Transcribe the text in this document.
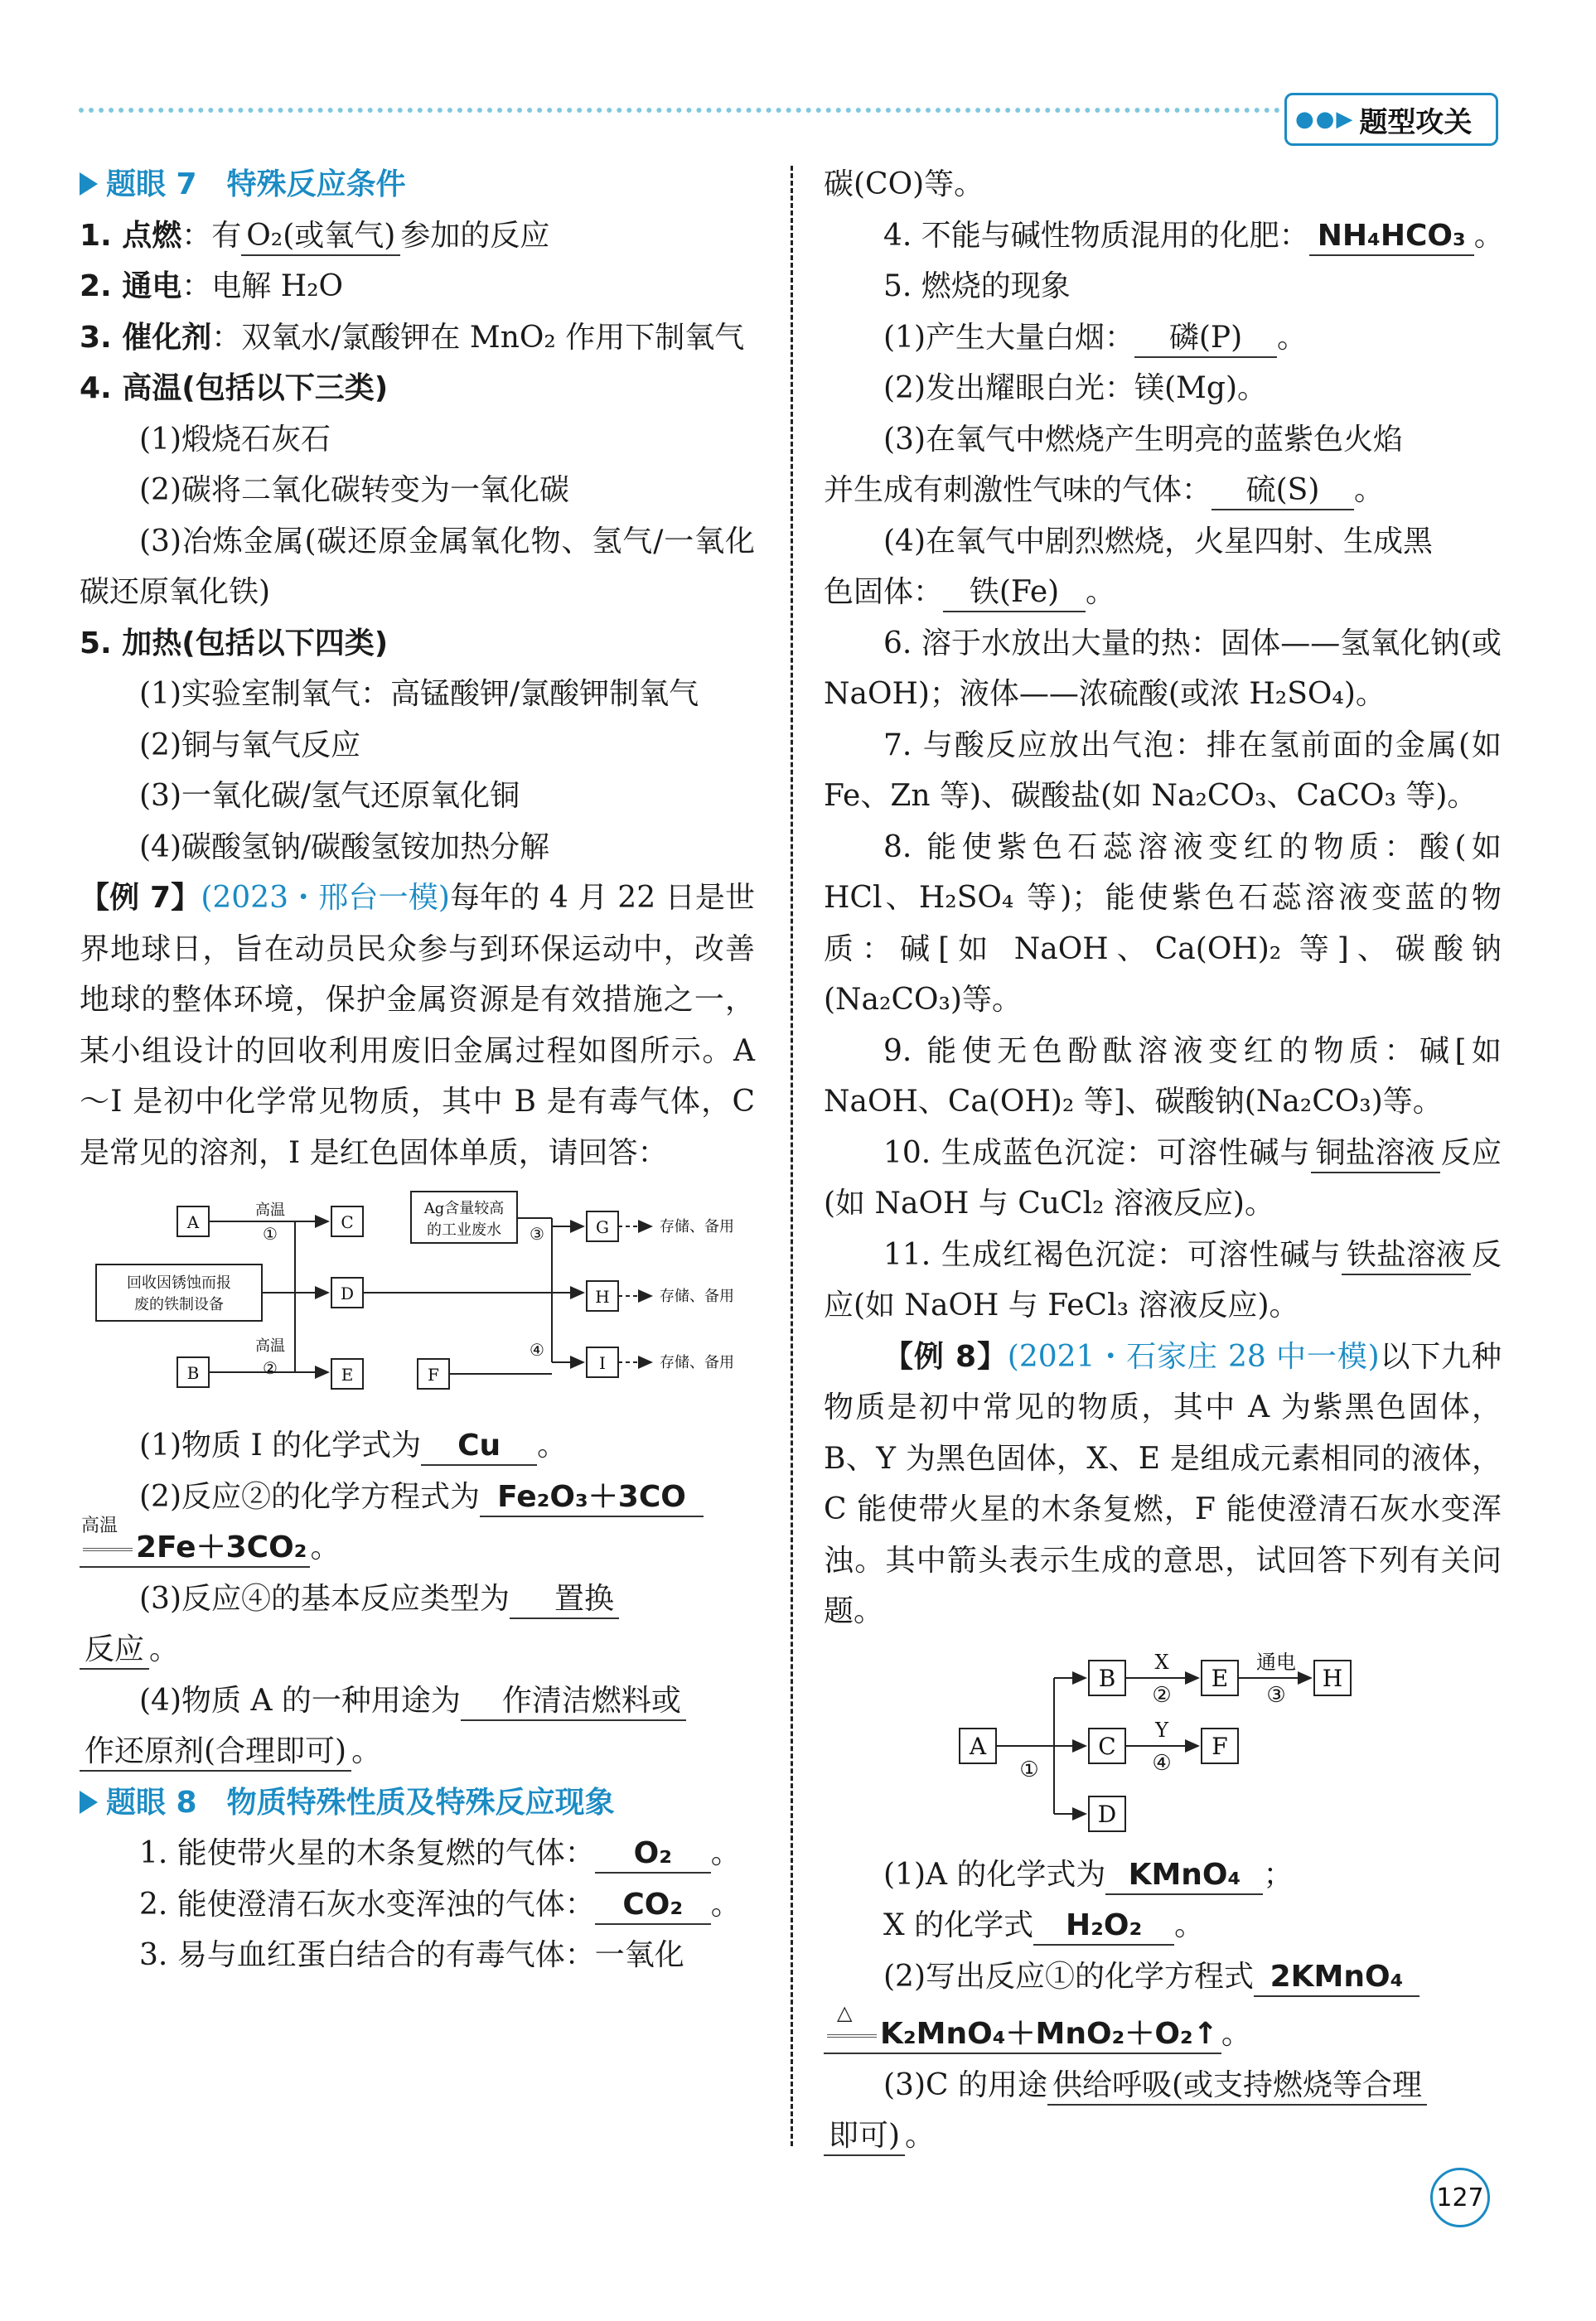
●●▶ 题型攻关
题眼 7　特殊反应条件
1. 点燃：有 O₂(或氧气) 参加的反应
2. 通电：电解 H₂O
3. 催化剂：双氧水/氯酸钾在 MnO₂ 作用下制氧气
4. 高温(包括以下三类)
(1)煅烧石灰石
(2)碳将二氧化碳转变为一氧化碳
(3)冶炼金属(碳还原金属氧化物、氢气/一氧化碳还原氧化铁)
5. 加热(包括以下四类)
(1)实验室制氧气：高锰酸钾/氯酸钾制氧气
(2)铜与氧气反应
(3)一氧化碳/氢气还原氧化铜
(4)碳酸氢钠/碳酸氢铵加热分解
【例 7】(2023・邢台一模)每年的 4 月 22 日是世界地球日，旨在动员民众参与到环保运动中，改善地球的整体环境，保护金属资源是有效措施之一，某小组设计的回收利用废旧金属过程如图所示。A～I 是初中化学常见物质，其中 B 是有毒气体，C 是常见的溶剂，I 是红色固体单质，请回答：
A
B
C
D
E	F
G
H
I
回收因锈蚀而报
废的铁制设备
Ag含量较高
的工业废水
高温
①
高温
②
③
④
存储、备用
存储、备用
存储、备用
(1)物质 I 的化学式为 Cu 。
(2)反应②的化学方程式为 Fe₂O₃＋3CO
高温
2Fe＋3CO₂ 。
(3)反应④的基本反应类型为 置换
反应 。
(4)物质 A 的一种用途为 作清洁燃料或
作还原剂(合理即可) 。
题眼 8　物质特殊性质及特殊反应现象
1. 能使带火星的木条复燃的气体： O₂ 。
2. 能使澄清石灰水变浑浊的气体： CO₂ 。
3. 易与血红蛋白结合的有毒气体：一氧化
碳(CO)等。
4. 不能与碱性物质混用的化肥： NH₄HCO₃ 。
5. 燃烧的现象
(1)产生大量白烟： 磷(P) 。
(2)发出耀眼白光：镁(Mg)。
(3)在氧气中燃烧产生明亮的蓝紫色火焰
并生成有刺激性气味的气体： 硫(S) 。
(4)在氧气中剧烈燃烧，火星四射、生成黑
色固体： 铁(Fe) 。
6. 溶于水放出大量的热：固体——氢氧化钠(或 NaOH)；液体——浓硫酸(或浓 H₂SO₄)。
7. 与酸反应放出气泡：排在氢前面的金属(如 Fe、Zn 等)、碳酸盐(如 Na₂CO₃、CaCO₃ 等)。
8. 能使紫色石蕊溶液变红的物质：酸(如 HCl、H₂SO₄ 等)；能使紫色石蕊溶液变蓝的物质：碱[如 NaOH、Ca(OH)₂ 等]、碳酸钠(Na₂CO₃)等。
9. 能使无色酚酞溶液变红的物质：碱[如 NaOH、Ca(OH)₂ 等]、碳酸钠(Na₂CO₃)等。
10. 生成蓝色沉淀：可溶性碱与 铜盐溶液 反应(如 NaOH 与 CuCl₂ 溶液反应)。
11. 生成红褐色沉淀：可溶性碱与 铁盐溶液 反应(如 NaOH 与 FeCl₃ 溶液反应)。
【例 8】(2021・石家庄 28 中一模)以下九种物质是初中常见的物质，其中 A 为紫黑色固体，B、Y 为黑色固体，X、E 是组成元素相同的液体，C 能使带火星的木条复燃，F 能使澄清石灰水变浑浊。其中箭头表示生成的意思，试回答下列有关问题。
A
B
C
D
E
F
H
X
②
Y
④
通电
③
①
(1)A 的化学式为 KMnO₄ ；
X 的化学式 H₂O₂ 。
(2)写出反应①的化学方程式 2KMnO₄
△
K₂MnO₄＋MnO₂＋O₂↑ 。
(3)C 的用途 供给呼吸(或支持燃烧等合理
即可) 。
127
